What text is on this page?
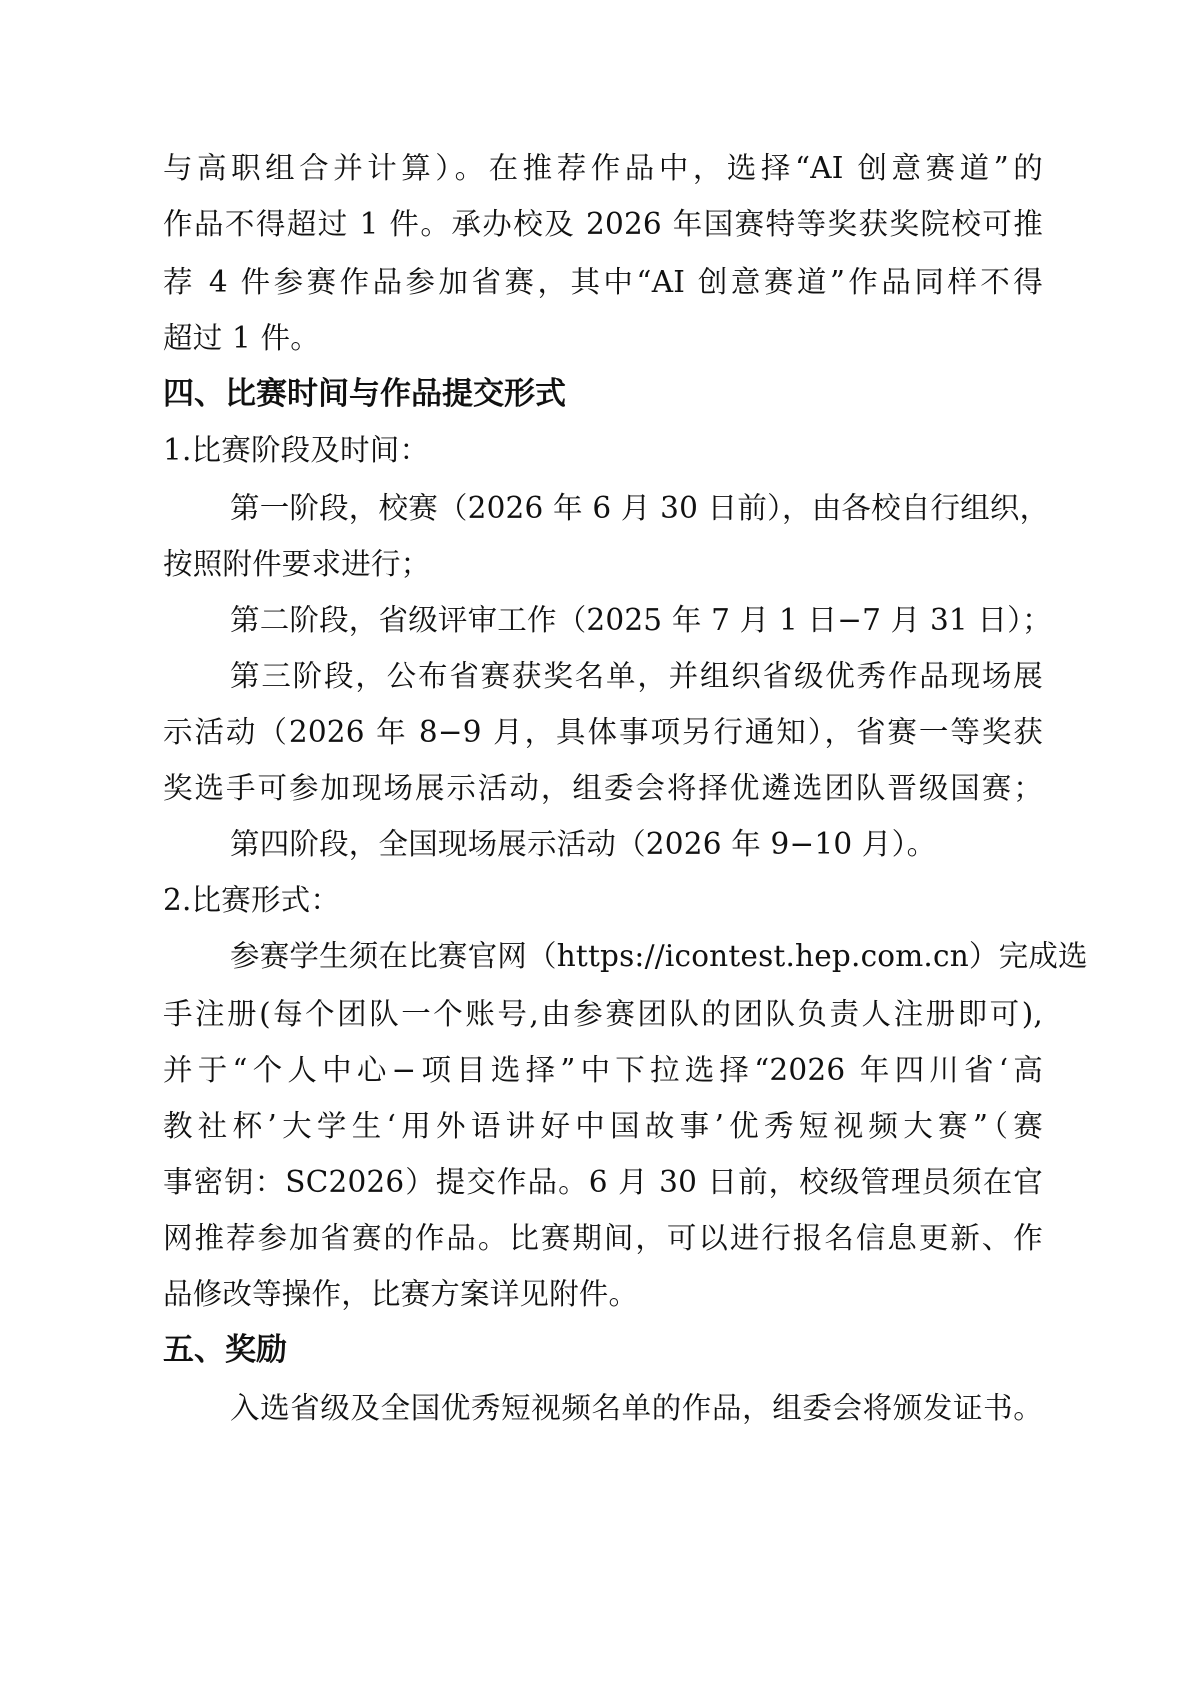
与高职组合并计算）。在推荐作品中，选择“AI 创意赛道”的
作品不得超过 1 件。承办校及 2026 年国赛特等奖获奖院校可推
荐 4 件参赛作品参加省赛，其中“AI 创意赛道”作品同样不得
超过 1 件。
四、比赛时间与作品提交形式
1.比赛阶段及时间：
第一阶段，校赛（2026 年 6 月 30 日前），由各校自行组织，
按照附件要求进行；
第二阶段，省级评审工作（2025 年 7 月 1 日−7 月 31 日）；
第三阶段，公布省赛获奖名单，并组织省级优秀作品现场展
示活动（2026 年 8−9 月，具体事项另行通知），省赛一等奖获
奖选手可参加现场展示活动，组委会将择优遴选团队晋级国赛；
第四阶段，全国现场展示活动（2026 年 9−10 月）。
2.比赛形式：
参赛学生须在比赛官网（https://icontest.hep.com.cn）完成选
手注册(每个团队一个账号,由参赛团队的团队负责人注册即可),
并于“个人中心−项目选择”中下拉选择“2026 年四川省‘高
教社杯’大学生‘用外语讲好中国故事’优秀短视频大赛”（赛
事密钥：SC2026）提交作品。6 月 30 日前，校级管理员须在官
网推荐参加省赛的作品。比赛期间，可以进行报名信息更新、作
品修改等操作，比赛方案详见附件。
五、奖励
入选省级及全国优秀短视频名单的作品，组委会将颁发证书。
